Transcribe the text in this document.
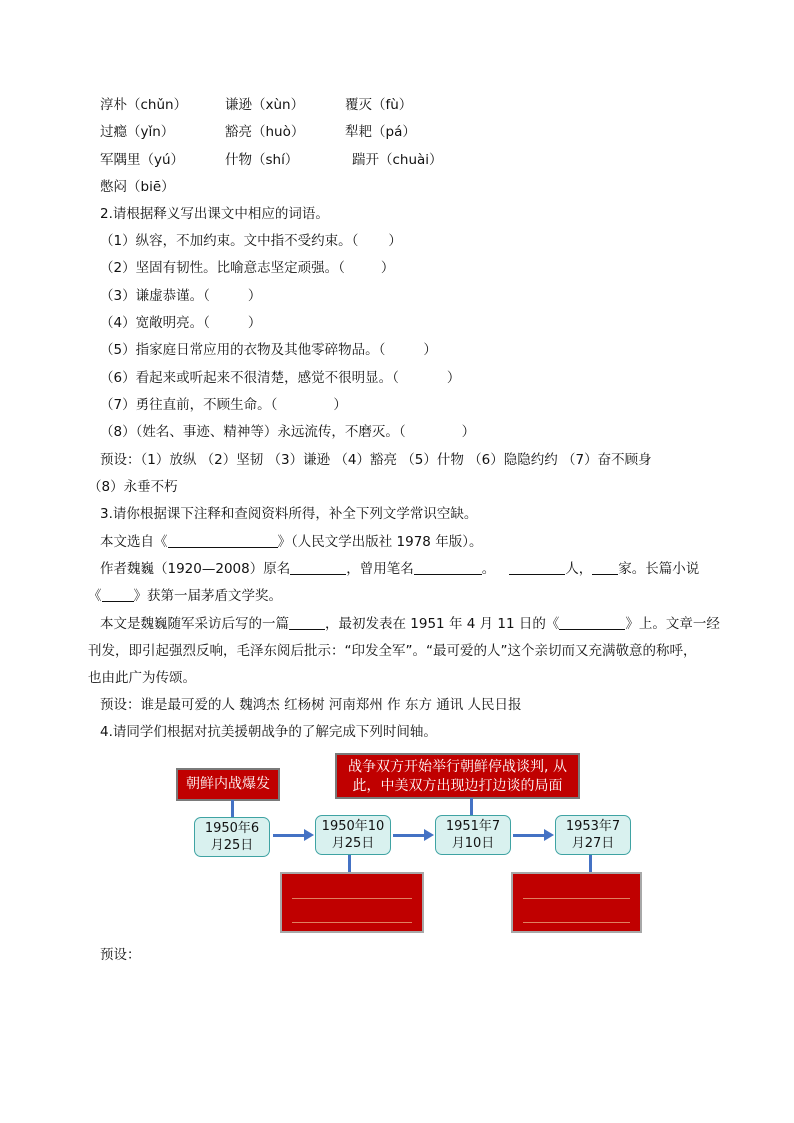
淳朴（chǔn）	谦逊（xùn）	覆灭（fù）
过瘾（yǐn）	豁亮（huò）	犁耙（pá）
军隅里（yú）	什物（shí）	踹开（chuài）
憋闷（biē）
2.请根据释义写出课文中相应的词语。
（1）纵容，不加约束。文中指不受约束。（ ）
（2）坚固有韧性。比喻意志坚定顽强。（	）
（3）谦虚恭谨。（	）
（4）宽敞明亮。（	）
（5）指家庭日常应用的衣物及其他零碎物品。（	）
（6）看起来或听起来不很清楚，感觉不很明显。（	）
（7）勇往直前，不顾生命。（	）
（8）（姓名、事迹、精神等）永远流传，不磨灭。（	）
预设：（1）放纵 （2）坚韧 （3）谦逊 （4）豁亮 （5）什物 （6）隐隐约约 （7）奋不顾身
（8）永垂不朽
3.请你根据课下注释和查阅资料所得，补全下列文学常识空缺。
本文选自《	》（人民文学出版社 1978 年版）。
作者魏巍（1920—2008）原名	，曾用笔名	。	人， 家。长篇小说
《 》获第一届茅盾文学奖。
本文是魏巍随军采访后写的一篇	，最初发表在 1951 年 4 月 11 日的《	》上。文章一经
刊发，即引起强烈反响，毛泽东阅后批示：“印发全军”。“最可爱的人”这个亲切而又充满敬意的称呼，
也由此广为传颂。
预设：谁是最可爱的人 魏鸿杰 红杨树 河南郑州 作 东方 通讯 人民日报
4.请同学们根据对抗美援朝战争的了解完成下列时间轴。
朝鲜内战爆发
战争双方开始举行朝鲜停战谈判, 从
此，中美双方出现边打边谈的局面
1950年6
月25日
1950年10
月25日
1951年7
月10日
1953年7
月27日
预设：
